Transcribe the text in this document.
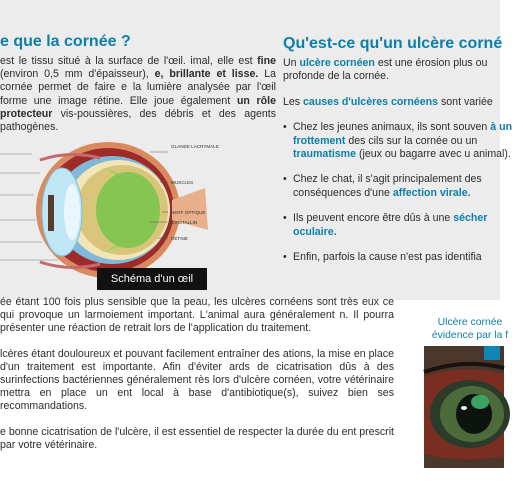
e que la cornée ?

est le tissu situé à la surface de l'œil. imal, elle est fine (environ 0,5 mm d'épaisseur), e, brillante et lisse. La cornée permet de faire e la lumière analysée par l'œil forme une image rétine. Elle joue également un rôle protecteur vis-poussières, des débris et des agents pathogènes.

GLANDE LACRYMALE
MUSCLES
NERF OPTIQUE
CRISTALLIN
RÉTINE
Schéma d'un œil
Qu'est-ce qu'un ulcère corné

Un ulcère cornéen est une érosion plus ou profonde de la cornée.

Les causes d'ulcères cornéens sont variée

• Chez les jeunes animaux, ils sont souven à un frottement des cils sur la cornée ou un traumatisme (jeux ou bagarre avec u animal).
• Chez le chat, il s'agit principalement des conséquences d'une affection virale.
• Ils peuvent encore être dûs à une sécher oculaire.
• Enfin, parfois la cause n'est pas identifia

ée étant 100 fois plus sensible que la peau, les ulcères cornéens sont très eux ce qui provoque un larmoiement important. L'animal aura généralement n. Il pourra présenter une réaction de retrait lors de l'application du traitement.

lcères étant douloureux et pouvant facilement entraîner des ations, la mise en place d'un traitement est importante. Afin d'éviter ards de cicatrisation dûs à des surinfections bactériennes généralement rès lors d'ulcère cornéen, votre vétérinaire mettra en place un ent local à base d'antibiotique(s), suivez bien ses recommandations.

e bonne cicatrisation de l'ulcère, il est essentiel de respecter la durée du ent prescrit par votre vétérinaire.

Ulcère cornée
évidence par la f
